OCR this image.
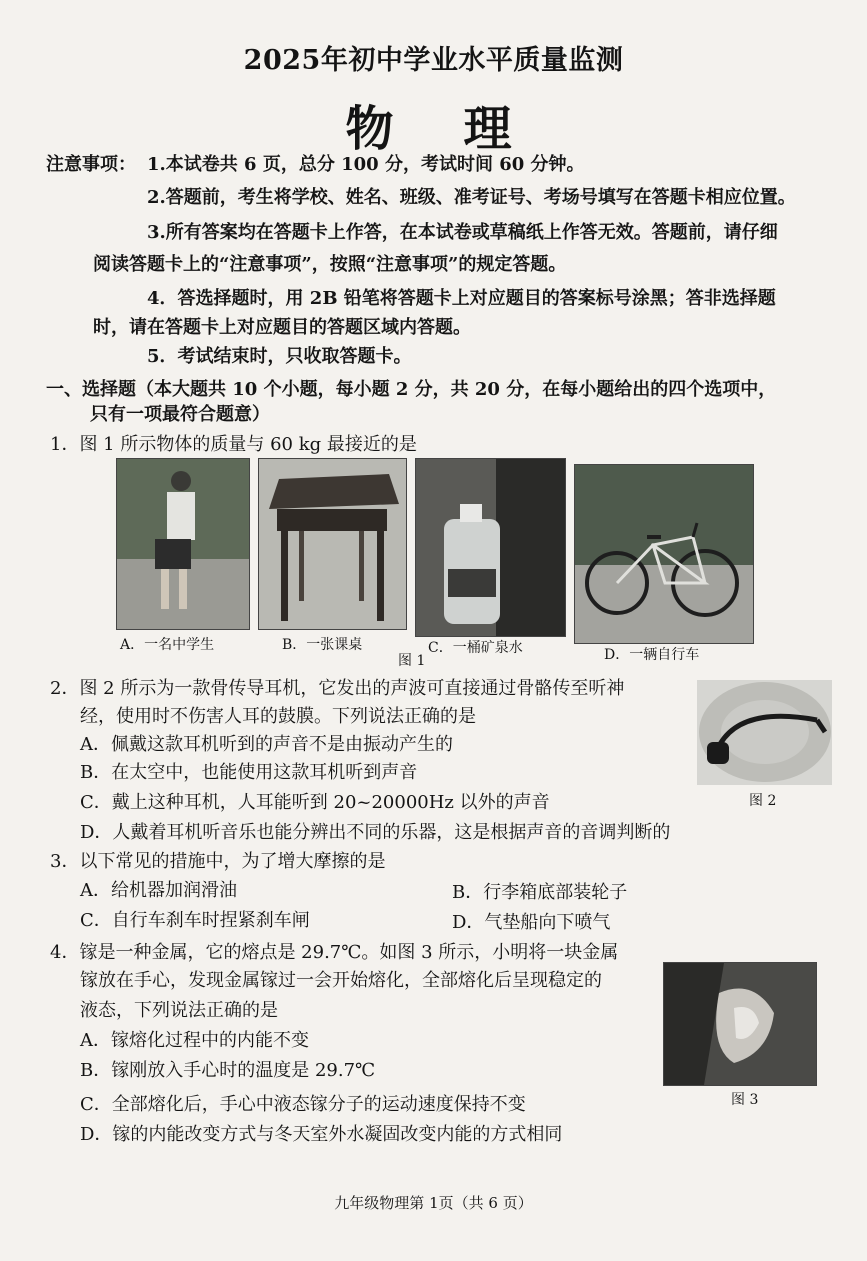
2025年初中学业水平质量监测
物理
注意事项： 1.本试卷共 6 页，总分 100 分，考试时间 60 分钟。
2.答题前，考生将学校、姓名、班级、准考证号、考场号填写在答题卡相应位置。
3.所有答案均在答题卡上作答，在本试卷或草稿纸上作答无效。答题前，请仔细
阅读答题卡上的“注意事项”，按照“注意事项”的规定答题。
4．答选择题时，用 2B 铅笔将答题卡上对应题目的答案标号涂黑；答非选择题
时，请在答题卡上对应题目的答题区域内答题。
5．考试结束时，只收取答题卡。
一、选择题（本大题共 10 个小题，每小题 2 分，共 20 分，在每小题给出的四个选项中，
只有一项最符合题意）
1．图 1 所示物体的质量与 60 kg 最接近的是
A．一名中学生	B．一张课桌	C．一桶矿泉水	D．一辆自行车
图 1
2．图 2 所示为一款骨传导耳机，它发出的声波可直接通过骨骼传至听神
经，使用时不伤害人耳的鼓膜。下列说法正确的是
A．佩戴这款耳机听到的声音不是由振动产生的
B．在太空中，也能使用这款耳机听到声音
C．戴上这种耳机，人耳能听到 20~20000Hz 以外的声音
D．人戴着耳机听音乐也能分辨出不同的乐器，这是根据声音的音调判断的
图 2
3．以下常见的措施中，为了增大摩擦的是
A．给机器加润滑油	B．行李箱底部装轮子
C．自行车刹车时捏紧刹车闸	D．气垫船向下喷气
4．镓是一种金属，它的熔点是 29.7℃。如图 3 所示，小明将一块金属
镓放在手心，发现金属镓过一会开始熔化，全部熔化后呈现稳定的
液态，下列说法正确的是
A．镓熔化过程中的内能不变
B．镓刚放入手心时的温度是 29.7℃
C．全部熔化后，手心中液态镓分子的运动速度保持不变
D．镓的内能改变方式与冬天室外水凝固改变内能的方式相同
图 3
九年级物理第 1页（共 6 页）
